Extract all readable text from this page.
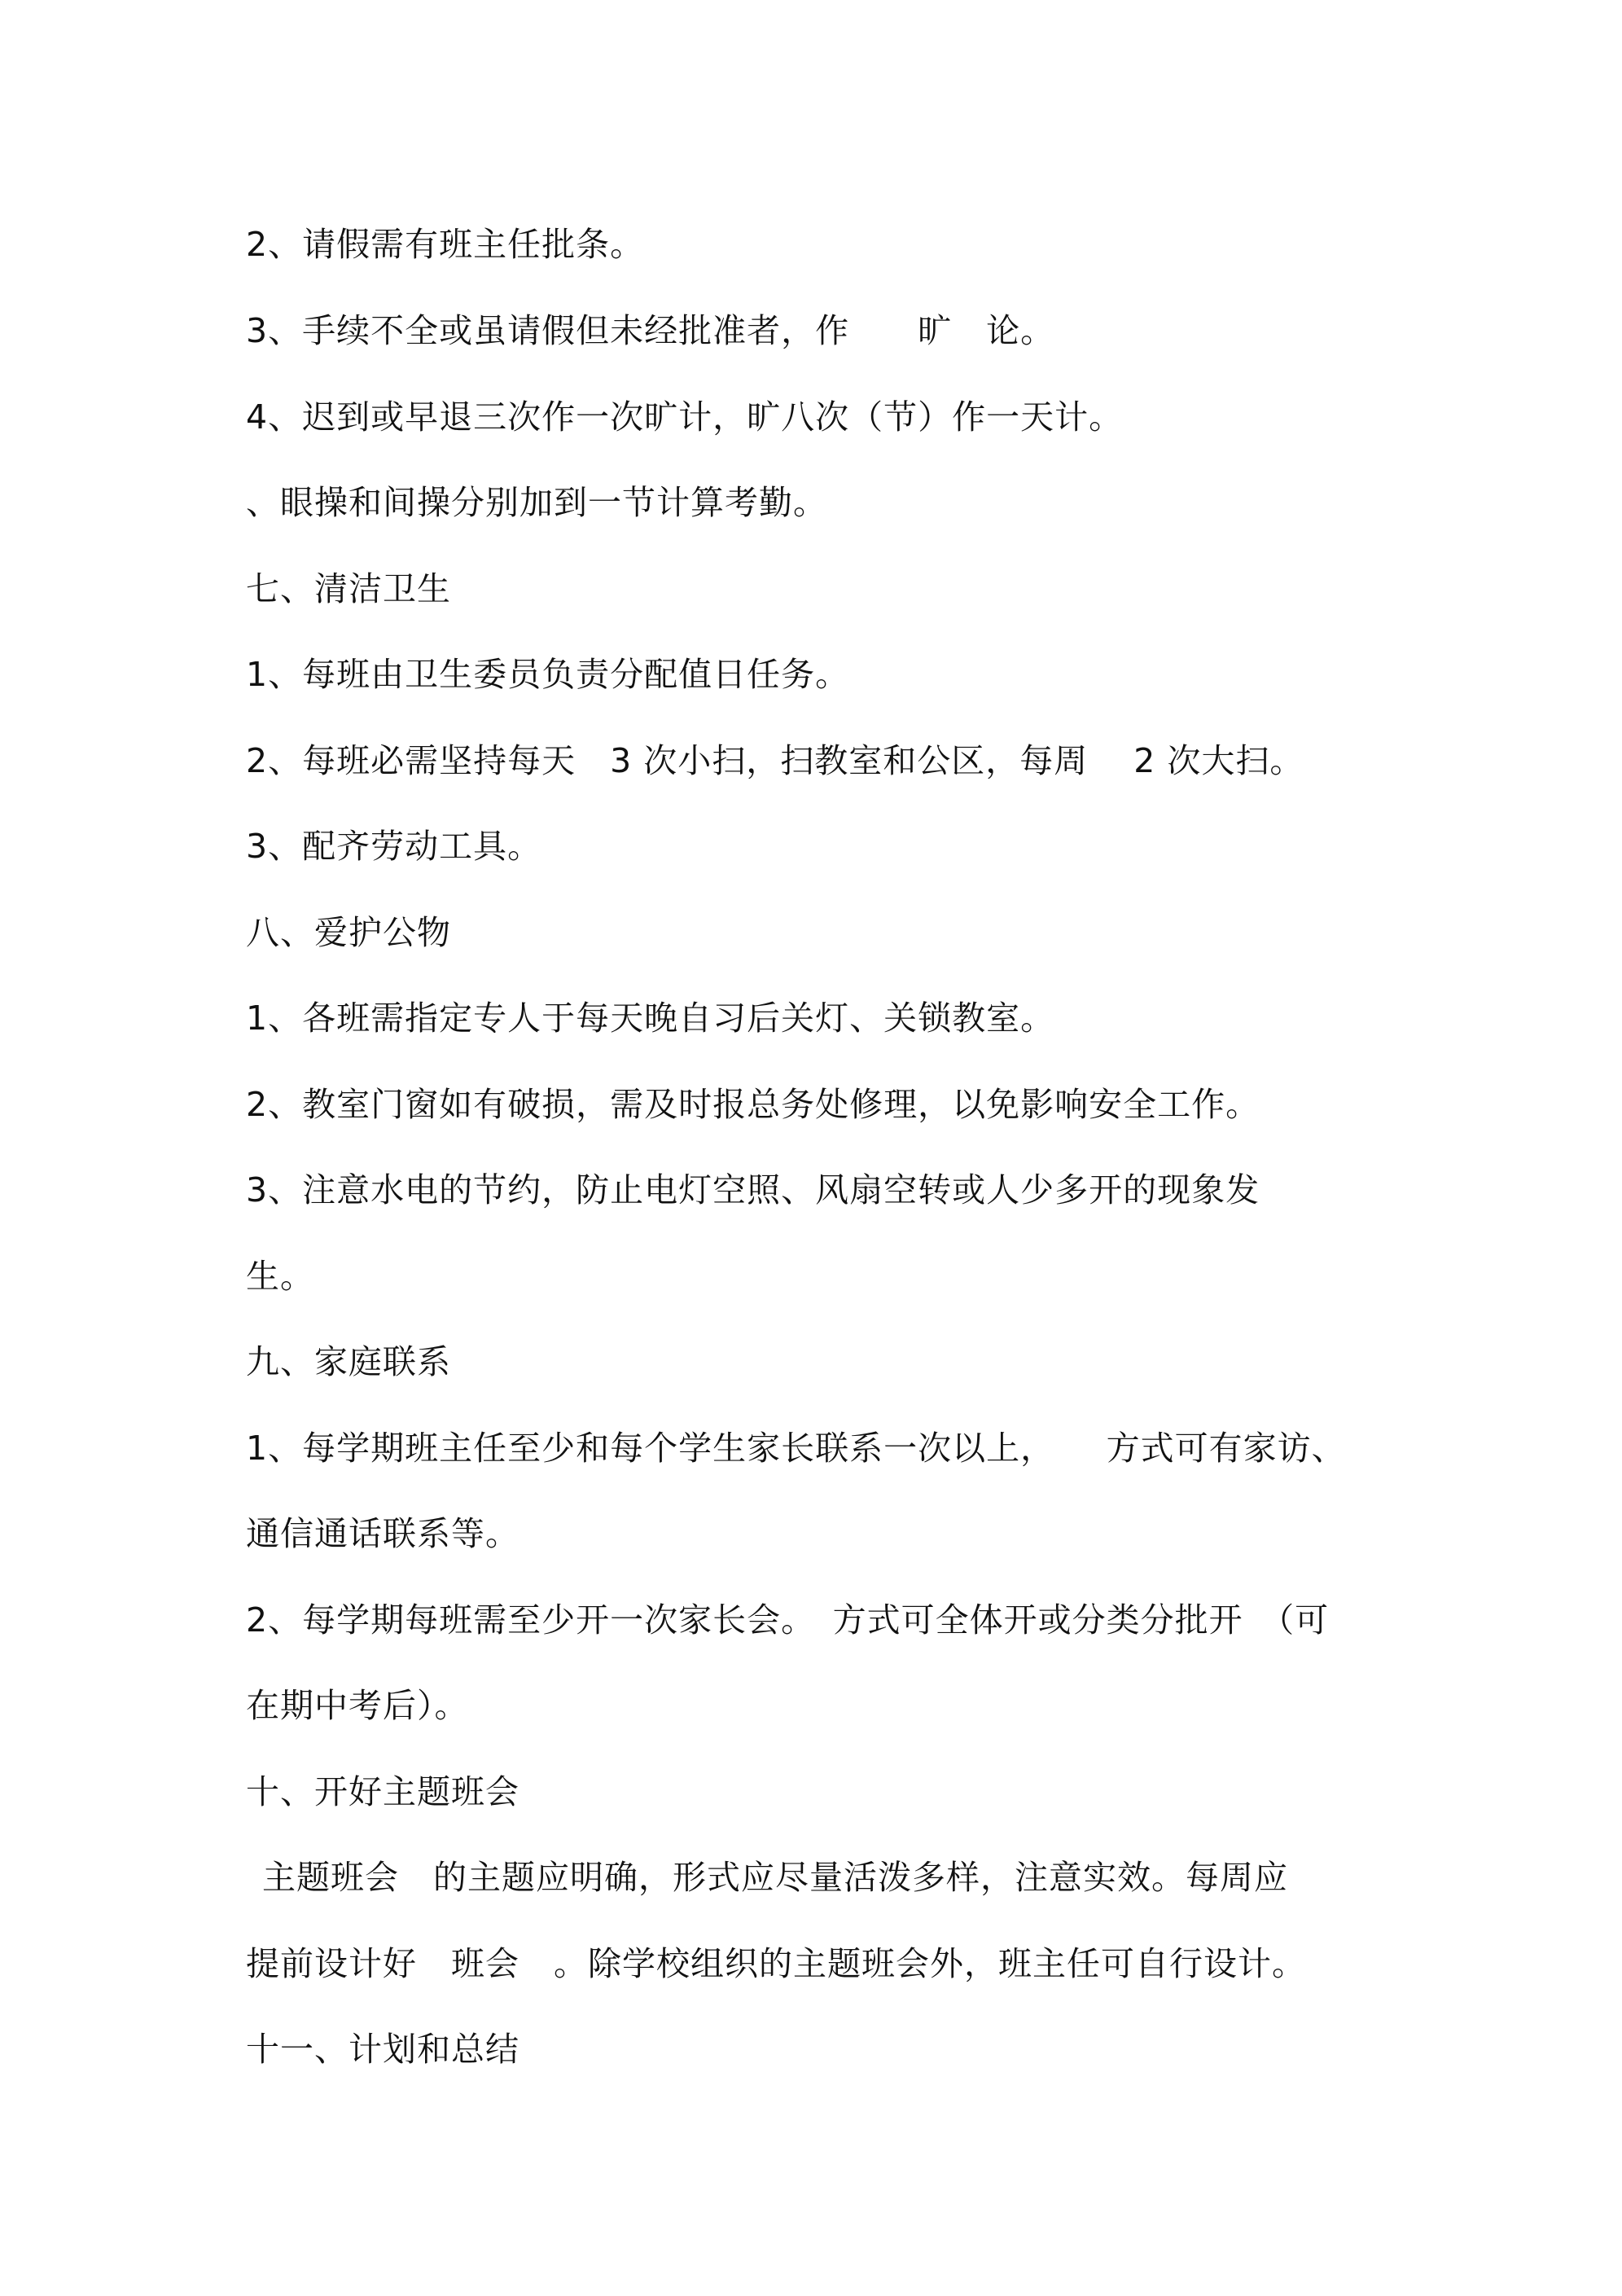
2、请假需有班主任批条。
3、手续不全或虽请假但未经批准者，作　　旷　论。
4、迟到或早退三次作一次旷计，旷八次（节）作一天计。
、眼操和间操分别加到一节计算考勤。
七、清洁卫生
1、每班由卫生委员负责分配值日任务。
2、每班必需坚持每天　3 次小扫，扫教室和公区，每周　 2 次大扫。
3、配齐劳动工具。
八、爱护公物
1、各班需指定专人于每天晚自习后关灯、关锁教室。
2、教室门窗如有破损，需及时报总务处修理，以免影响安全工作。
3、注意水电的节约，防止电灯空照、风扇空转或人少多开的现象发
生。
九、家庭联系
1、每学期班主任至少和每个学生家长联系一次以上，　　方式可有家访、
通信通话联系等。
2、每学期每班需至少开一次家长会。　方式可全体开或分类分批开　（可
在期中考后）。
十、开好主题班会
主题班会　的主题应明确，形式应尽量活泼多样，注意实效。每周应
提前设计好　班会　。除学校组织的主题班会外，班主任可自行设计。
十一、计划和总结
